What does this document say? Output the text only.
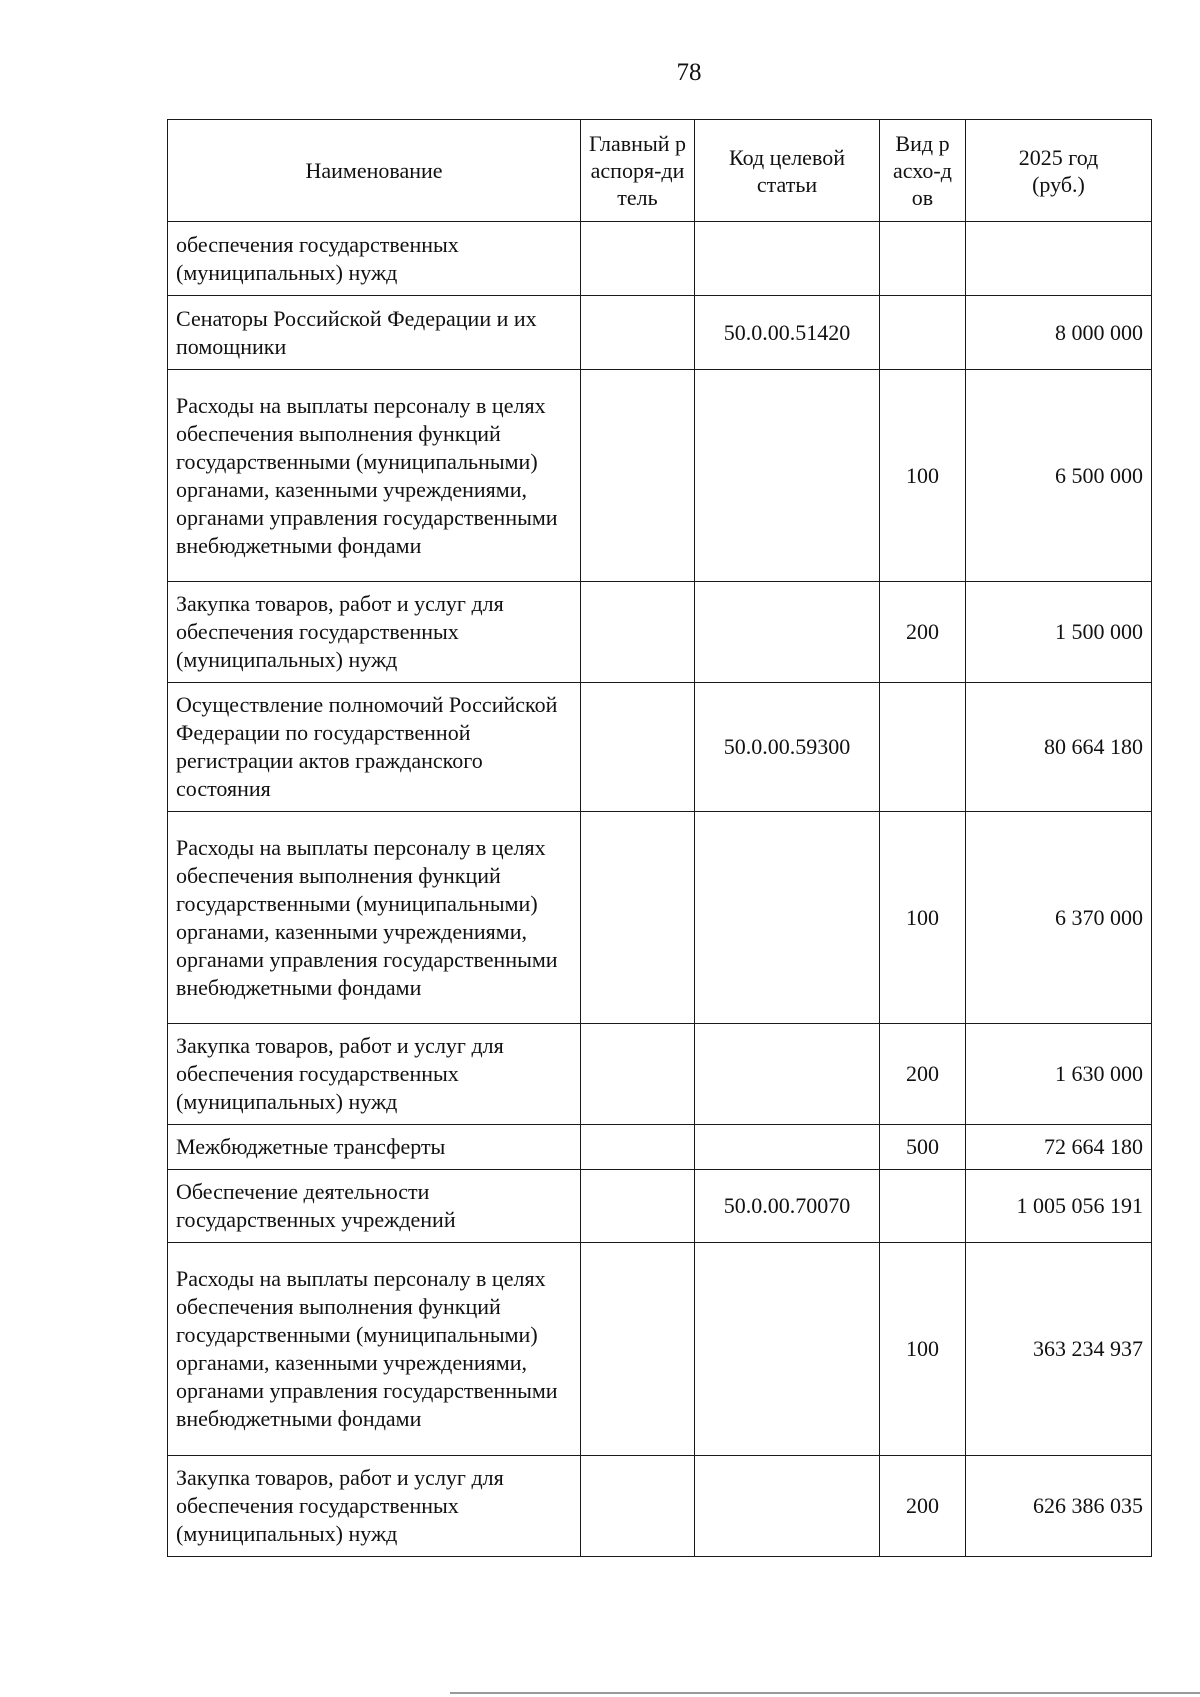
78
Наименование	Главный распоря-дитель	Код целевой статьи	Вид расхо-дов	2025 год (руб.)

обеспечения государственных (муниципальных) нужд				
Сенаторы Российской Федерации и их помощники		50.0.00.51420		8 000 000
Расходы на выплаты персоналу в целях обеспечения выполнения функций государственными (муниципальными) органами, казенными учреждениями, органами управления государственными внебюджетными фондами			100	6 500 000
Закупка товаров, работ и услуг для обеспечения государственных (муниципальных) нужд			200	1 500 000
Осуществление полномочий Российской Федерации по государственной регистрации актов гражданского состояния		50.0.00.59300		80 664 180
Расходы на выплаты персоналу в целях обеспечения выполнения функций государственными (муниципальными) органами, казенными учреждениями, органами управления государственными внебюджетными фондами			100	6 370 000
Закупка товаров, работ и услуг для обеспечения государственных (муниципальных) нужд			200	1 630 000
Межбюджетные трансферты			500	72 664 180
Обеспечение деятельности государственных учреждений		50.0.00.70070		1 005 056 191
Расходы на выплаты персоналу в целях обеспечения выполнения функций государственными (муниципальными) органами, казенными учреждениями, органами управления государственными внебюджетными фондами			100	363 234 937
Закупка товаров, работ и услуг для обеспечения государственных (муниципальных) нужд			200	626 386 035
